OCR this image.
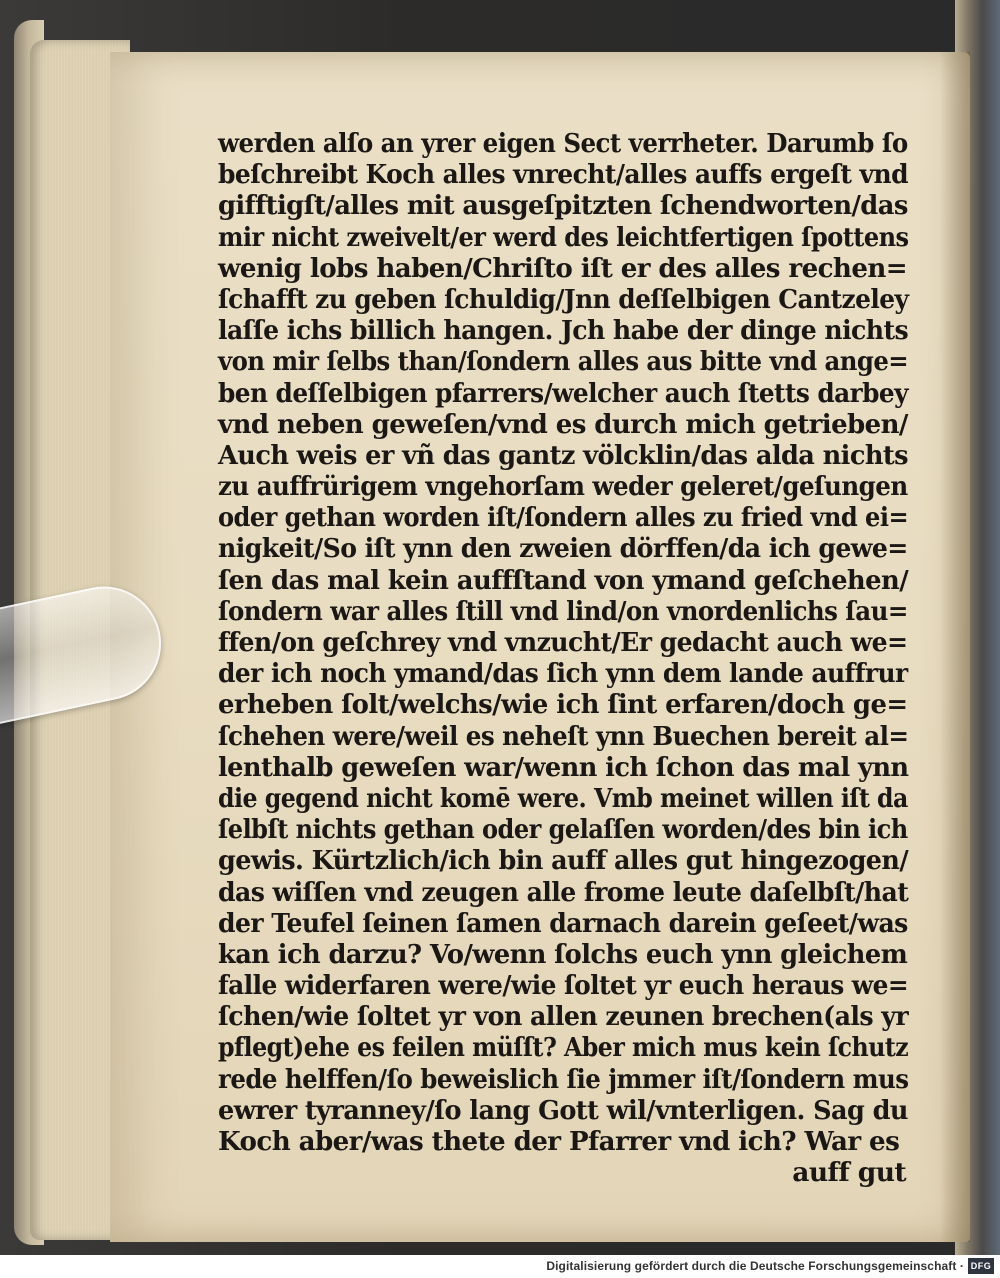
werden alſo an yrer eigen Sect verrheter. Darumb ſo
beſchreibt Koch alles vnrecht/alles auffs ergeſt vnd
gifftigſt/alles mit ausgeſpitzten ſchendworten/das
mir nicht zweivelt/er werd des leichtfertigen ſpottens
wenig lobs haben/Chriſto iſt er des alles rechen=
ſchafft zu geben ſchuldig/Jnn deſſelbigen Cantzeley
laſſe ichs billich hangen. Jch habe der dinge nichts
von mir ſelbs than/ſondern alles aus bitte vnd ange=
ben deſſelbigen pfarrers/welcher auch ſtetts darbey
vnd neben geweſen/vnd es durch mich getrieben/
Auch weis er vñ das gantz völcklin/das alda nichts
zu auffrürigem vngehorſam weder geleret/geſungen
oder gethan worden iſt/ſondern alles zu fried vnd ei=
nigkeit/So iſt ynn den zweien dörffen/da ich gewe=
ſen das mal kein auffſtand von ymand geſchehen/
ſondern war alles ſtill vnd lind/on vnordenlichs ſau=
ffen/on geſchrey vnd vnzucht/Er gedacht auch we=
der ich noch ymand/das ſich ynn dem lande auffrur
erheben ſolt/welchs/wie ich ſint erfaren/doch ge=
ſchehen were/weil es neheſt ynn Buechen bereit al=
lenthalb geweſen war/wenn ich ſchon das mal ynn
die gegend nicht komē were. Vmb meinet willen iſt da
ſelbſt nichts gethan oder gelaſſen worden/des bin ich
gewis. Kürtzlich/ich bin auff alles gut hingezogen/
das wiſſen vnd zeugen alle frome leute daſelbſt/hat
der Teufel ſeinen ſamen darnach darein geſeet/was
kan ich darzu? Vo/wenn ſolchs euch ynn gleichem
falle widerfaren were/wie ſoltet yr euch heraus we=
ſchen/wie ſoltet yr von allen zeunen brechen(als yr
pflegt)ehe es feilen müſſt? Aber mich mus kein ſchutz
rede helffen/ſo beweislich ſie jmmer iſt/ſondern mus
ewrer tyranney/ſo lang Gott wil/vnterligen. Sag du
Koch aber/was thete der Pfarrer vnd ich? War es
auff gut
Digitalisierung gefördert durch die Deutsche Forschungsgemeinschaft · DFG
